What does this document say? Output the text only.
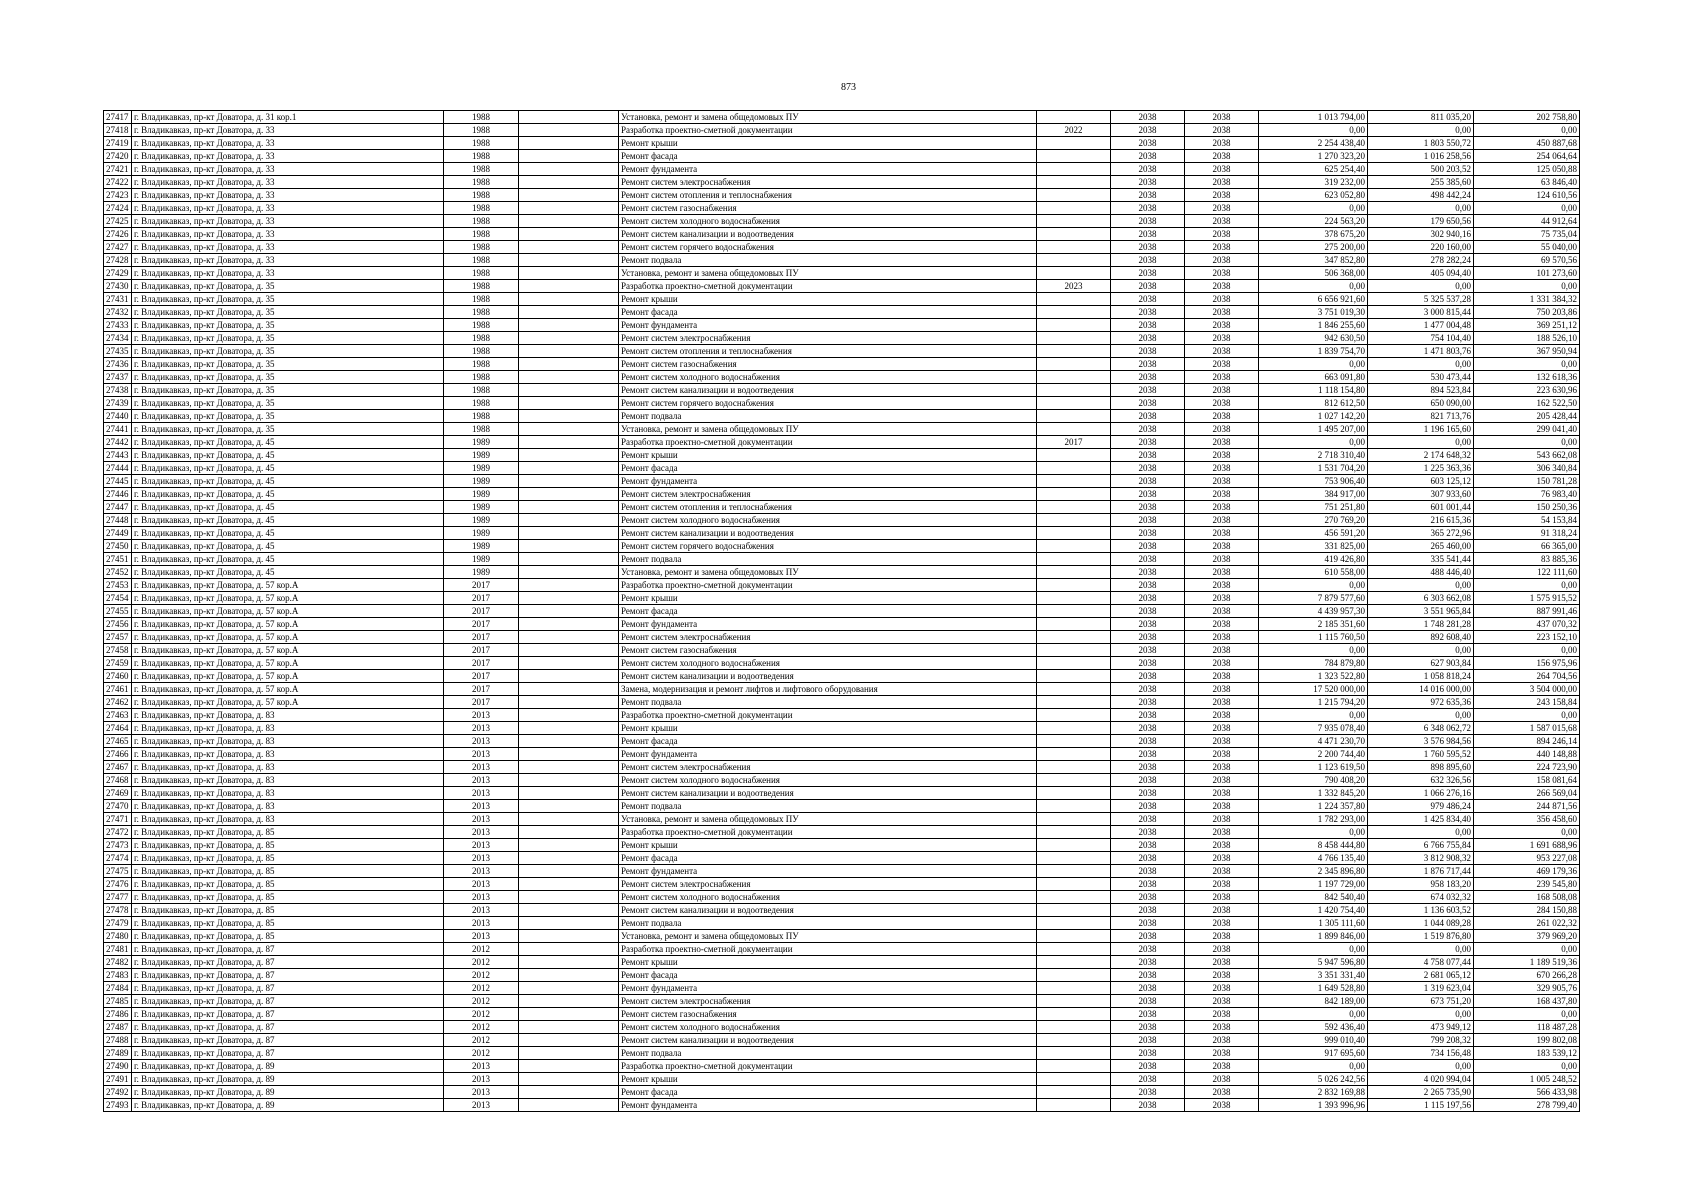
873
27417	г. Владикавказ, пр-кт Доватора, д. 31 кор.1	1988		Установка, ремонт и замена общедомовых ПУ		2038	2038	1 013 794,00	811 035,20	202 758,80
27418	г. Владикавказ, пр-кт Доватора, д. 33	1988		Разработка проектно-сметной документации	2022	2038	2038	0,00	0,00	0,00
27419	г. Владикавказ, пр-кт Доватора, д. 33	1988		Ремонт крыши		2038	2038	2 254 438,40	1 803 550,72	450 887,68
27420	г. Владикавказ, пр-кт Доватора, д. 33	1988		Ремонт фасада		2038	2038	1 270 323,20	1 016 258,56	254 064,64
27421	г. Владикавказ, пр-кт Доватора, д. 33	1988		Ремонт фундамента		2038	2038	625 254,40	500 203,52	125 050,88
27422	г. Владикавказ, пр-кт Доватора, д. 33	1988		Ремонт систем электроснабжения		2038	2038	319 232,00	255 385,60	63 846,40
27423	г. Владикавказ, пр-кт Доватора, д. 33	1988		Ремонт систем отопления и теплоснабжения		2038	2038	623 052,80	498 442,24	124 610,56
27424	г. Владикавказ, пр-кт Доватора, д. 33	1988		Ремонт систем газоснабжения		2038	2038	0,00	0,00	0,00
27425	г. Владикавказ, пр-кт Доватора, д. 33	1988		Ремонт систем холодного водоснабжения		2038	2038	224 563,20	179 650,56	44 912,64
27426	г. Владикавказ, пр-кт Доватора, д. 33	1988		Ремонт систем канализации и водоотведения		2038	2038	378 675,20	302 940,16	75 735,04
27427	г. Владикавказ, пр-кт Доватора, д. 33	1988		Ремонт систем горячего водоснабжения		2038	2038	275 200,00	220 160,00	55 040,00
27428	г. Владикавказ, пр-кт Доватора, д. 33	1988		Ремонт подвала		2038	2038	347 852,80	278 282,24	69 570,56
27429	г. Владикавказ, пр-кт Доватора, д. 33	1988		Установка, ремонт и замена общедомовых ПУ		2038	2038	506 368,00	405 094,40	101 273,60
27430	г. Владикавказ, пр-кт Доватора, д. 35	1988		Разработка проектно-сметной документации	2023	2038	2038	0,00	0,00	0,00
27431	г. Владикавказ, пр-кт Доватора, д. 35	1988		Ремонт крыши		2038	2038	6 656 921,60	5 325 537,28	1 331 384,32
27432	г. Владикавказ, пр-кт Доватора, д. 35	1988		Ремонт фасада		2038	2038	3 751 019,30	3 000 815,44	750 203,86
27433	г. Владикавказ, пр-кт Доватора, д. 35	1988		Ремонт фундамента		2038	2038	1 846 255,60	1 477 004,48	369 251,12
27434	г. Владикавказ, пр-кт Доватора, д. 35	1988		Ремонт систем электроснабжения		2038	2038	942 630,50	754 104,40	188 526,10
27435	г. Владикавказ, пр-кт Доватора, д. 35	1988		Ремонт систем отопления и теплоснабжения		2038	2038	1 839 754,70	1 471 803,76	367 950,94
27436	г. Владикавказ, пр-кт Доватора, д. 35	1988		Ремонт систем газоснабжения		2038	2038	0,00	0,00	0,00
27437	г. Владикавказ, пр-кт Доватора, д. 35	1988		Ремонт систем холодного водоснабжения		2038	2038	663 091,80	530 473,44	132 618,36
27438	г. Владикавказ, пр-кт Доватора, д. 35	1988		Ремонт систем канализации и водоотведения		2038	2038	1 118 154,80	894 523,84	223 630,96
27439	г. Владикавказ, пр-кт Доватора, д. 35	1988		Ремонт систем горячего водоснабжения		2038	2038	812 612,50	650 090,00	162 522,50
27440	г. Владикавказ, пр-кт Доватора, д. 35	1988		Ремонт подвала		2038	2038	1 027 142,20	821 713,76	205 428,44
27441	г. Владикавказ, пр-кт Доватора, д. 35	1988		Установка, ремонт и замена общедомовых ПУ		2038	2038	1 495 207,00	1 196 165,60	299 041,40
27442	г. Владикавказ, пр-кт Доватора, д. 45	1989		Разработка проектно-сметной документации	2017	2038	2038	0,00	0,00	0,00
27443	г. Владикавказ, пр-кт Доватора, д. 45	1989		Ремонт крыши		2038	2038	2 718 310,40	2 174 648,32	543 662,08
27444	г. Владикавказ, пр-кт Доватора, д. 45	1989		Ремонт фасада		2038	2038	1 531 704,20	1 225 363,36	306 340,84
27445	г. Владикавказ, пр-кт Доватора, д. 45	1989		Ремонт фундамента		2038	2038	753 906,40	603 125,12	150 781,28
27446	г. Владикавказ, пр-кт Доватора, д. 45	1989		Ремонт систем электроснабжения		2038	2038	384 917,00	307 933,60	76 983,40
27447	г. Владикавказ, пр-кт Доватора, д. 45	1989		Ремонт систем отопления и теплоснабжения		2038	2038	751 251,80	601 001,44	150 250,36
27448	г. Владикавказ, пр-кт Доватора, д. 45	1989		Ремонт систем холодного водоснабжения		2038	2038	270 769,20	216 615,36	54 153,84
27449	г. Владикавказ, пр-кт Доватора, д. 45	1989		Ремонт систем канализации и водоотведения		2038	2038	456 591,20	365 272,96	91 318,24
27450	г. Владикавказ, пр-кт Доватора, д. 45	1989		Ремонт систем горячего водоснабжения		2038	2038	331 825,00	265 460,00	66 365,00
27451	г. Владикавказ, пр-кт Доватора, д. 45	1989		Ремонт подвала		2038	2038	419 426,80	335 541,44	83 885,36
27452	г. Владикавказ, пр-кт Доватора, д. 45	1989		Установка, ремонт и замена общедомовых ПУ		2038	2038	610 558,00	488 446,40	122 111,60
27453	г. Владикавказ, пр-кт Доватора, д. 57 кор.А	2017		Разработка проектно-сметной документации		2038	2038	0,00	0,00	0,00
27454	г. Владикавказ, пр-кт Доватора, д. 57 кор.А	2017		Ремонт крыши		2038	2038	7 879 577,60	6 303 662,08	1 575 915,52
27455	г. Владикавказ, пр-кт Доватора, д. 57 кор.А	2017		Ремонт фасада		2038	2038	4 439 957,30	3 551 965,84	887 991,46
27456	г. Владикавказ, пр-кт Доватора, д. 57 кор.А	2017		Ремонт фундамента		2038	2038	2 185 351,60	1 748 281,28	437 070,32
27457	г. Владикавказ, пр-кт Доватора, д. 57 кор.А	2017		Ремонт систем электроснабжения		2038	2038	1 115 760,50	892 608,40	223 152,10
27458	г. Владикавказ, пр-кт Доватора, д. 57 кор.А	2017		Ремонт систем газоснабжения		2038	2038	0,00	0,00	0,00
27459	г. Владикавказ, пр-кт Доватора, д. 57 кор.А	2017		Ремонт систем холодного водоснабжения		2038	2038	784 879,80	627 903,84	156 975,96
27460	г. Владикавказ, пр-кт Доватора, д. 57 кор.А	2017		Ремонт систем канализации и водоотведения		2038	2038	1 323 522,80	1 058 818,24	264 704,56
27461	г. Владикавказ, пр-кт Доватора, д. 57 кор.А	2017		Замена, модернизация и ремонт лифтов и лифтового оборудования		2038	2038	17 520 000,00	14 016 000,00	3 504 000,00
27462	г. Владикавказ, пр-кт Доватора, д. 57 кор.А	2017		Ремонт подвала		2038	2038	1 215 794,20	972 635,36	243 158,84
27463	г. Владикавказ, пр-кт Доватора, д. 83	2013		Разработка проектно-сметной документации		2038	2038	0,00	0,00	0,00
27464	г. Владикавказ, пр-кт Доватора, д. 83	2013		Ремонт крыши		2038	2038	7 935 078,40	6 348 062,72	1 587 015,68
27465	г. Владикавказ, пр-кт Доватора, д. 83	2013		Ремонт фасада		2038	2038	4 471 230,70	3 576 984,56	894 246,14
27466	г. Владикавказ, пр-кт Доватора, д. 83	2013		Ремонт фундамента		2038	2038	2 200 744,40	1 760 595,52	440 148,88
27467	г. Владикавказ, пр-кт Доватора, д. 83	2013		Ремонт систем электроснабжения		2038	2038	1 123 619,50	898 895,60	224 723,90
27468	г. Владикавказ, пр-кт Доватора, д. 83	2013		Ремонт систем холодного водоснабжения		2038	2038	790 408,20	632 326,56	158 081,64
27469	г. Владикавказ, пр-кт Доватора, д. 83	2013		Ремонт систем канализации и водоотведения		2038	2038	1 332 845,20	1 066 276,16	266 569,04
27470	г. Владикавказ, пр-кт Доватора, д. 83	2013		Ремонт подвала		2038	2038	1 224 357,80	979 486,24	244 871,56
27471	г. Владикавказ, пр-кт Доватора, д. 83	2013		Установка, ремонт и замена общедомовых ПУ		2038	2038	1 782 293,00	1 425 834,40	356 458,60
27472	г. Владикавказ, пр-кт Доватора, д. 85	2013		Разработка проектно-сметной документации		2038	2038	0,00	0,00	0,00
27473	г. Владикавказ, пр-кт Доватора, д. 85	2013		Ремонт крыши		2038	2038	8 458 444,80	6 766 755,84	1 691 688,96
27474	г. Владикавказ, пр-кт Доватора, д. 85	2013		Ремонт фасада		2038	2038	4 766 135,40	3 812 908,32	953 227,08
27475	г. Владикавказ, пр-кт Доватора, д. 85	2013		Ремонт фундамента		2038	2038	2 345 896,80	1 876 717,44	469 179,36
27476	г. Владикавказ, пр-кт Доватора, д. 85	2013		Ремонт систем электроснабжения		2038	2038	1 197 729,00	958 183,20	239 545,80
27477	г. Владикавказ, пр-кт Доватора, д. 85	2013		Ремонт систем холодного водоснабжения		2038	2038	842 540,40	674 032,32	168 508,08
27478	г. Владикавказ, пр-кт Доватора, д. 85	2013		Ремонт систем канализации и водоотведения		2038	2038	1 420 754,40	1 136 603,52	284 150,88
27479	г. Владикавказ, пр-кт Доватора, д. 85	2013		Ремонт подвала		2038	2038	1 305 111,60	1 044 089,28	261 022,32
27480	г. Владикавказ, пр-кт Доватора, д. 85	2013		Установка, ремонт и замена общедомовых ПУ		2038	2038	1 899 846,00	1 519 876,80	379 969,20
27481	г. Владикавказ, пр-кт Доватора, д. 87	2012		Разработка проектно-сметной документации		2038	2038	0,00	0,00	0,00
27482	г. Владикавказ, пр-кт Доватора, д. 87	2012		Ремонт крыши		2038	2038	5 947 596,80	4 758 077,44	1 189 519,36
27483	г. Владикавказ, пр-кт Доватора, д. 87	2012		Ремонт фасада		2038	2038	3 351 331,40	2 681 065,12	670 266,28
27484	г. Владикавказ, пр-кт Доватора, д. 87	2012		Ремонт фундамента		2038	2038	1 649 528,80	1 319 623,04	329 905,76
27485	г. Владикавказ, пр-кт Доватора, д. 87	2012		Ремонт систем электроснабжения		2038	2038	842 189,00	673 751,20	168 437,80
27486	г. Владикавказ, пр-кт Доватора, д. 87	2012		Ремонт систем газоснабжения		2038	2038	0,00	0,00	0,00
27487	г. Владикавказ, пр-кт Доватора, д. 87	2012		Ремонт систем холодного водоснабжения		2038	2038	592 436,40	473 949,12	118 487,28
27488	г. Владикавказ, пр-кт Доватора, д. 87	2012		Ремонт систем канализации и водоотведения		2038	2038	999 010,40	799 208,32	199 802,08
27489	г. Владикавказ, пр-кт Доватора, д. 87	2012		Ремонт подвала		2038	2038	917 695,60	734 156,48	183 539,12
27490	г. Владикавказ, пр-кт Доватора, д. 89	2013		Разработка проектно-сметной документации		2038	2038	0,00	0,00	0,00
27491	г. Владикавказ, пр-кт Доватора, д. 89	2013		Ремонт крыши		2038	2038	5 026 242,56	4 020 994,04	1 005 248,52
27492	г. Владикавказ, пр-кт Доватора, д. 89	2013		Ремонт фасада		2038	2038	2 832 169,88	2 265 735,90	566 433,98
27493	г. Владикавказ, пр-кт Доватора, д. 89	2013		Ремонт фундамента		2038	2038	1 393 996,96	1 115 197,56	278 799,40
